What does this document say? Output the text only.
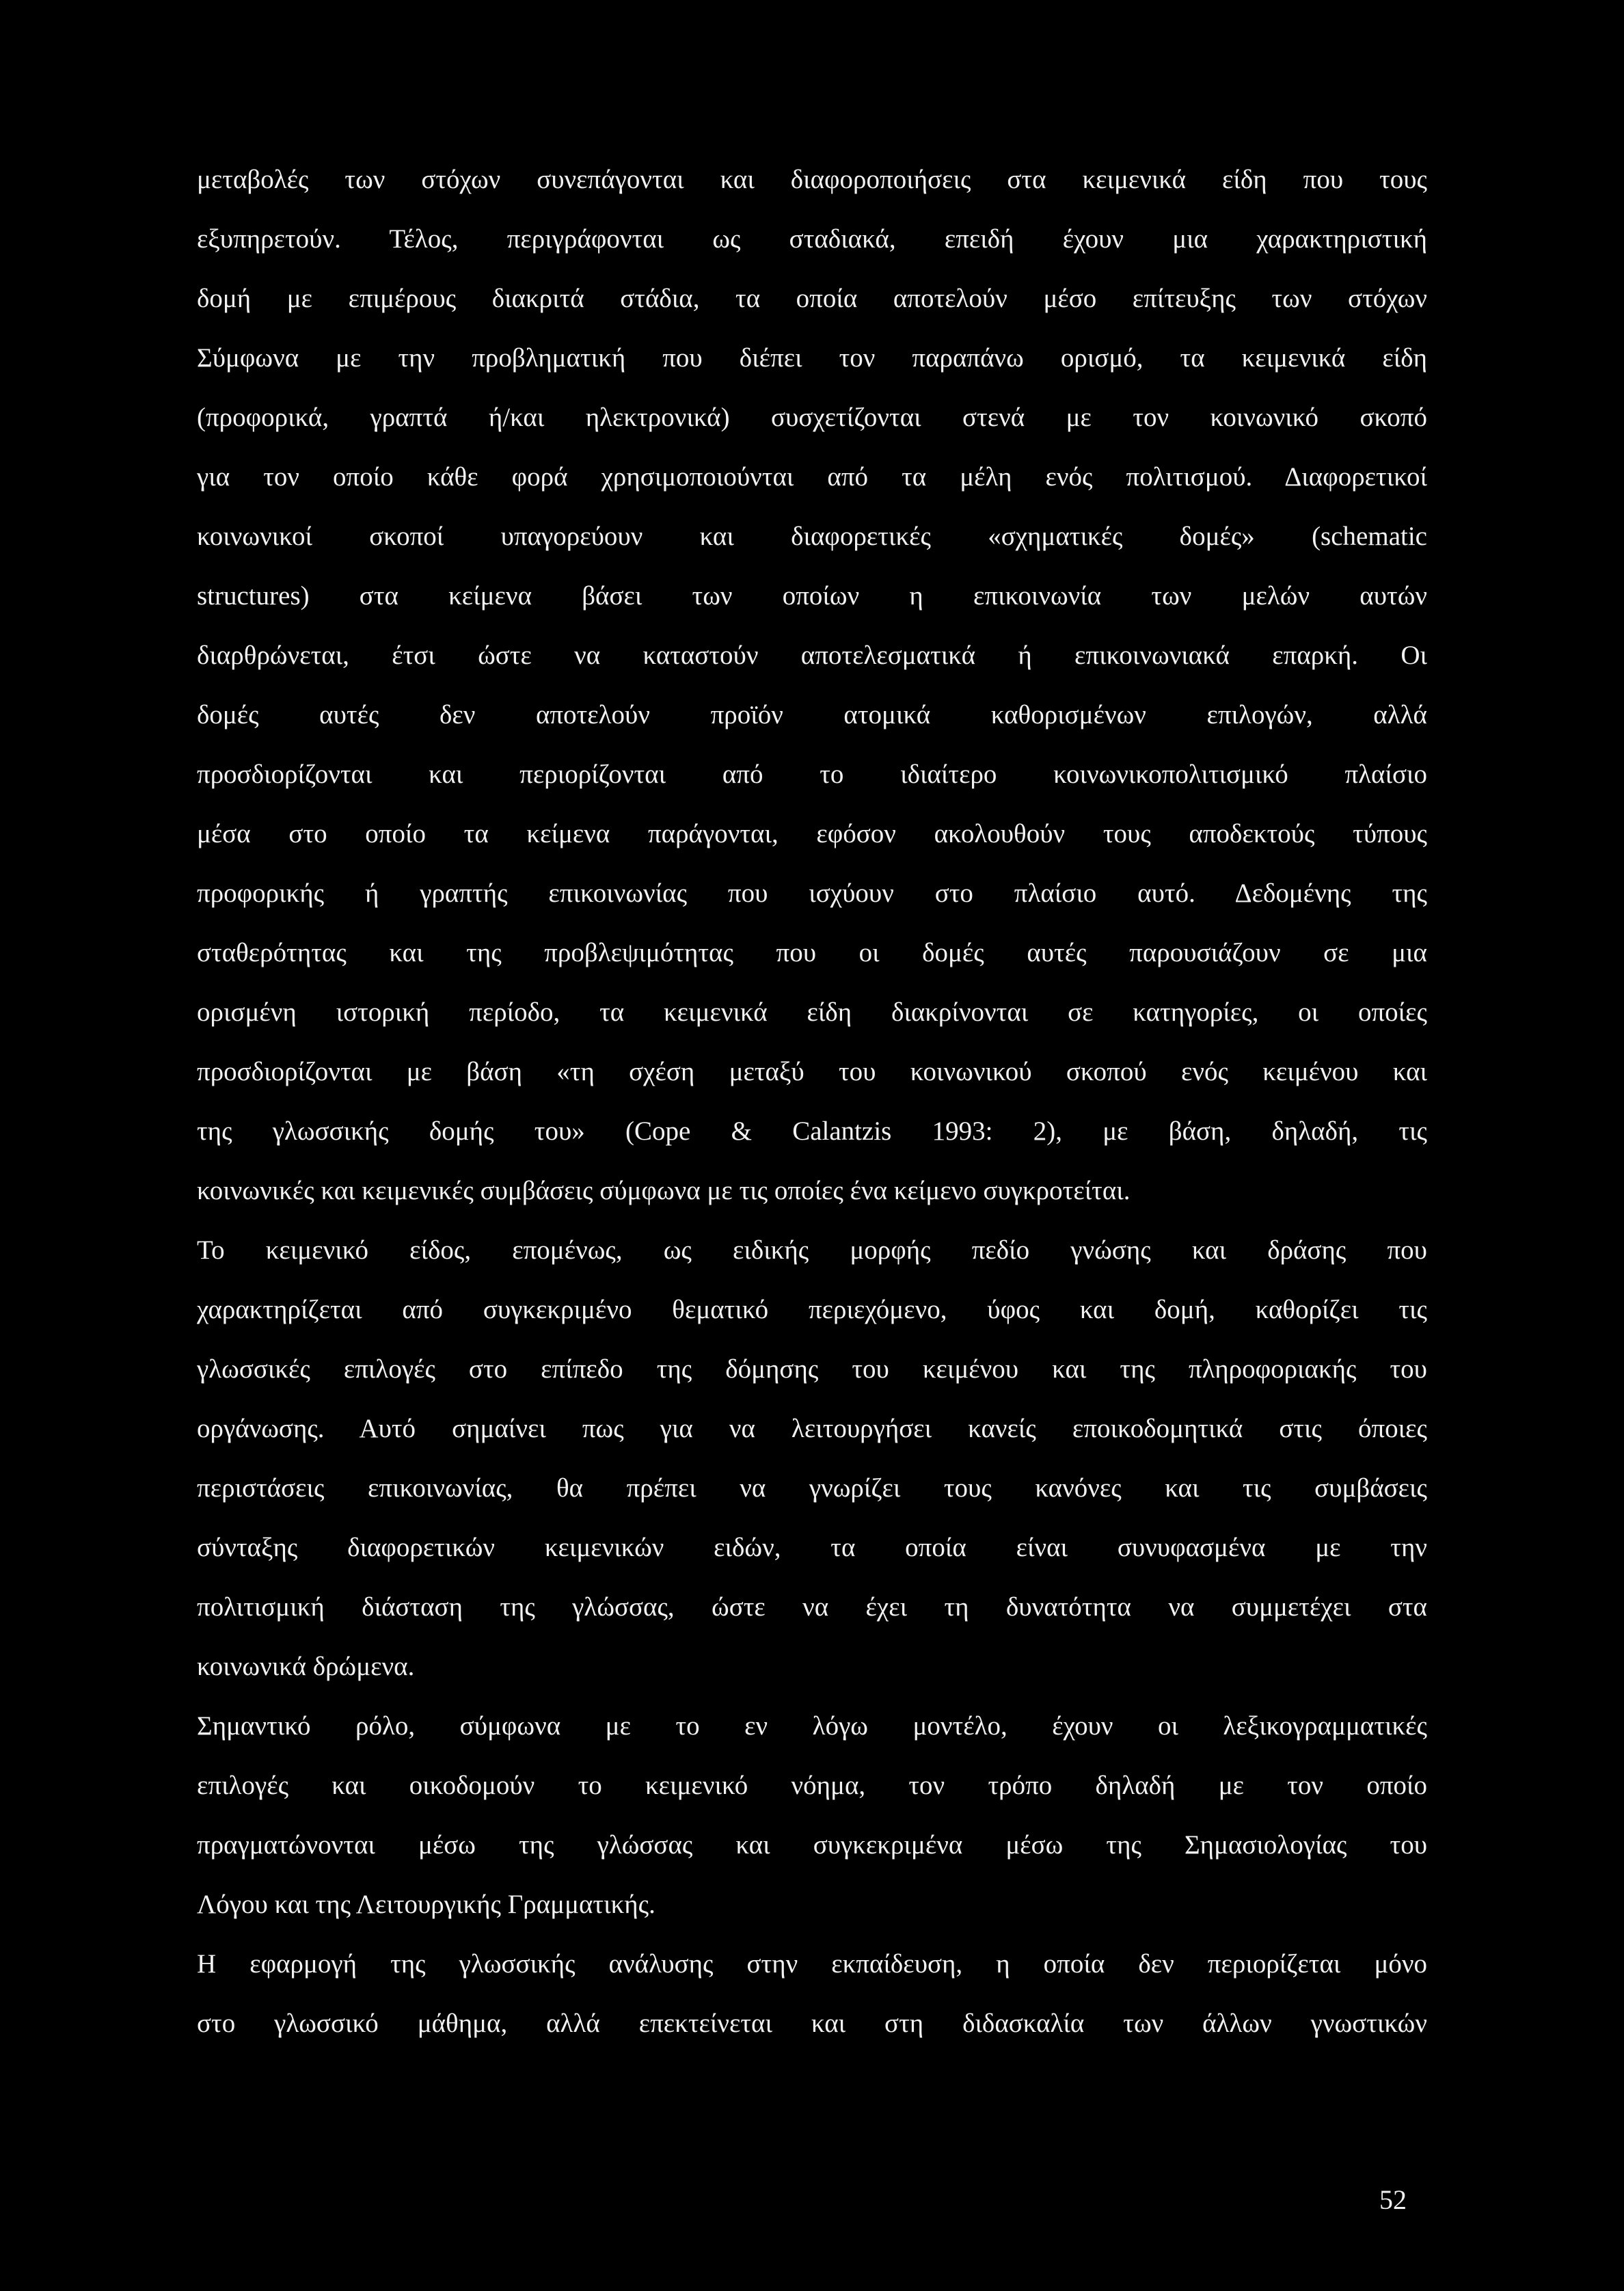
μεταβολές των στόχων συνεπάγονται και διαφοροποιήσεις στα κειμενικά είδη που τους
εξυπηρετούν. Τέλος, περιγράφονται ως σταδιακά, επειδή έχουν μια χαρακτηριστική
δομή με επιμέρους διακριτά στάδια, τα οποία αποτελούν μέσο επίτευξης των στόχων
Σύμφωνα με την προβληματική που διέπει τον παραπάνω ορισμό, τα κειμενικά είδη
(προφορικά, γραπτά ή/και ηλεκτρονικά) συσχετίζονται στενά με τον κοινωνικό σκοπό
για τον οποίο κάθε φορά χρησιμοποιούνται από τα μέλη ενός πολιτισμού. Διαφορετικοί
κοινωνικοί σκοποί υπαγορεύουν και διαφορετικές «σχηματικές δομές» (schematic
structures) στα κείμενα βάσει των οποίων η επικοινωνία των μελών αυτών
διαρθρώνεται, έτσι ώστε να καταστούν αποτελεσματικά ή επικοινωνιακά επαρκή. Οι
δομές αυτές δεν αποτελούν προϊόν ατομικά καθορισμένων επιλογών, αλλά
προσδιορίζονται και περιορίζονται από το ιδιαίτερο κοινωνικοπολιτισμικό πλαίσιο
μέσα στο οποίο τα κείμενα παράγονται, εφόσον ακολουθούν τους αποδεκτούς τύπους
προφορικής ή γραπτής επικοινωνίας που ισχύουν στο πλαίσιο αυτό. Δεδομένης της
σταθερότητας και της προβλεψιμότητας που οι δομές αυτές παρουσιάζουν σε μια
ορισμένη ιστορική περίοδο, τα κειμενικά είδη διακρίνονται σε κατηγορίες, οι οποίες
προσδιορίζονται με βάση «τη σχέση μεταξύ του κοινωνικού σκοπού ενός κειμένου και
της γλωσσικής δομής του» (Cope & Calantzis 1993: 2), με βάση, δηλαδή, τις
κοινωνικές και κειμενικές συμβάσεις σύμφωνα με τις οποίες ένα κείμενο συγκροτείται.
Το κειμενικό είδος, επομένως, ως ειδικής μορφής πεδίο γνώσης και δράσης που
χαρακτηρίζεται από συγκεκριμένο θεματικό περιεχόμενο, ύφος και δομή, καθορίζει τις
γλωσσικές επιλογές στο επίπεδο της δόμησης του κειμένου και της πληροφοριακής του
οργάνωσης. Αυτό σημαίνει πως για να λειτουργήσει κανείς εποικοδομητικά στις όποιες
περιστάσεις επικοινωνίας, θα πρέπει να γνωρίζει τους κανόνες και τις συμβάσεις
σύνταξης διαφορετικών κειμενικών ειδών, τα οποία είναι συνυφασμένα με την
πολιτισμική διάσταση της γλώσσας, ώστε να έχει τη δυνατότητα να συμμετέχει στα
κοινωνικά δρώμενα.
Σημαντικό ρόλο, σύμφωνα με το εν λόγω μοντέλο, έχουν οι λεξικογραμματικές
επιλογές και οικοδομούν το κειμενικό νόημα, τον τρόπο δηλαδή με τον οποίο
πραγματώνονται μέσω της γλώσσας και συγκεκριμένα μέσω της Σημασιολογίας του
Λόγου και της Λειτουργικής Γραμματικής.
Η εφαρμογή της γλωσσικής ανάλυσης στην εκπαίδευση, η οποία δεν περιορίζεται μόνο
στο γλωσσικό μάθημα, αλλά επεκτείνεται και στη διδασκαλία των άλλων γνωστικών
52
